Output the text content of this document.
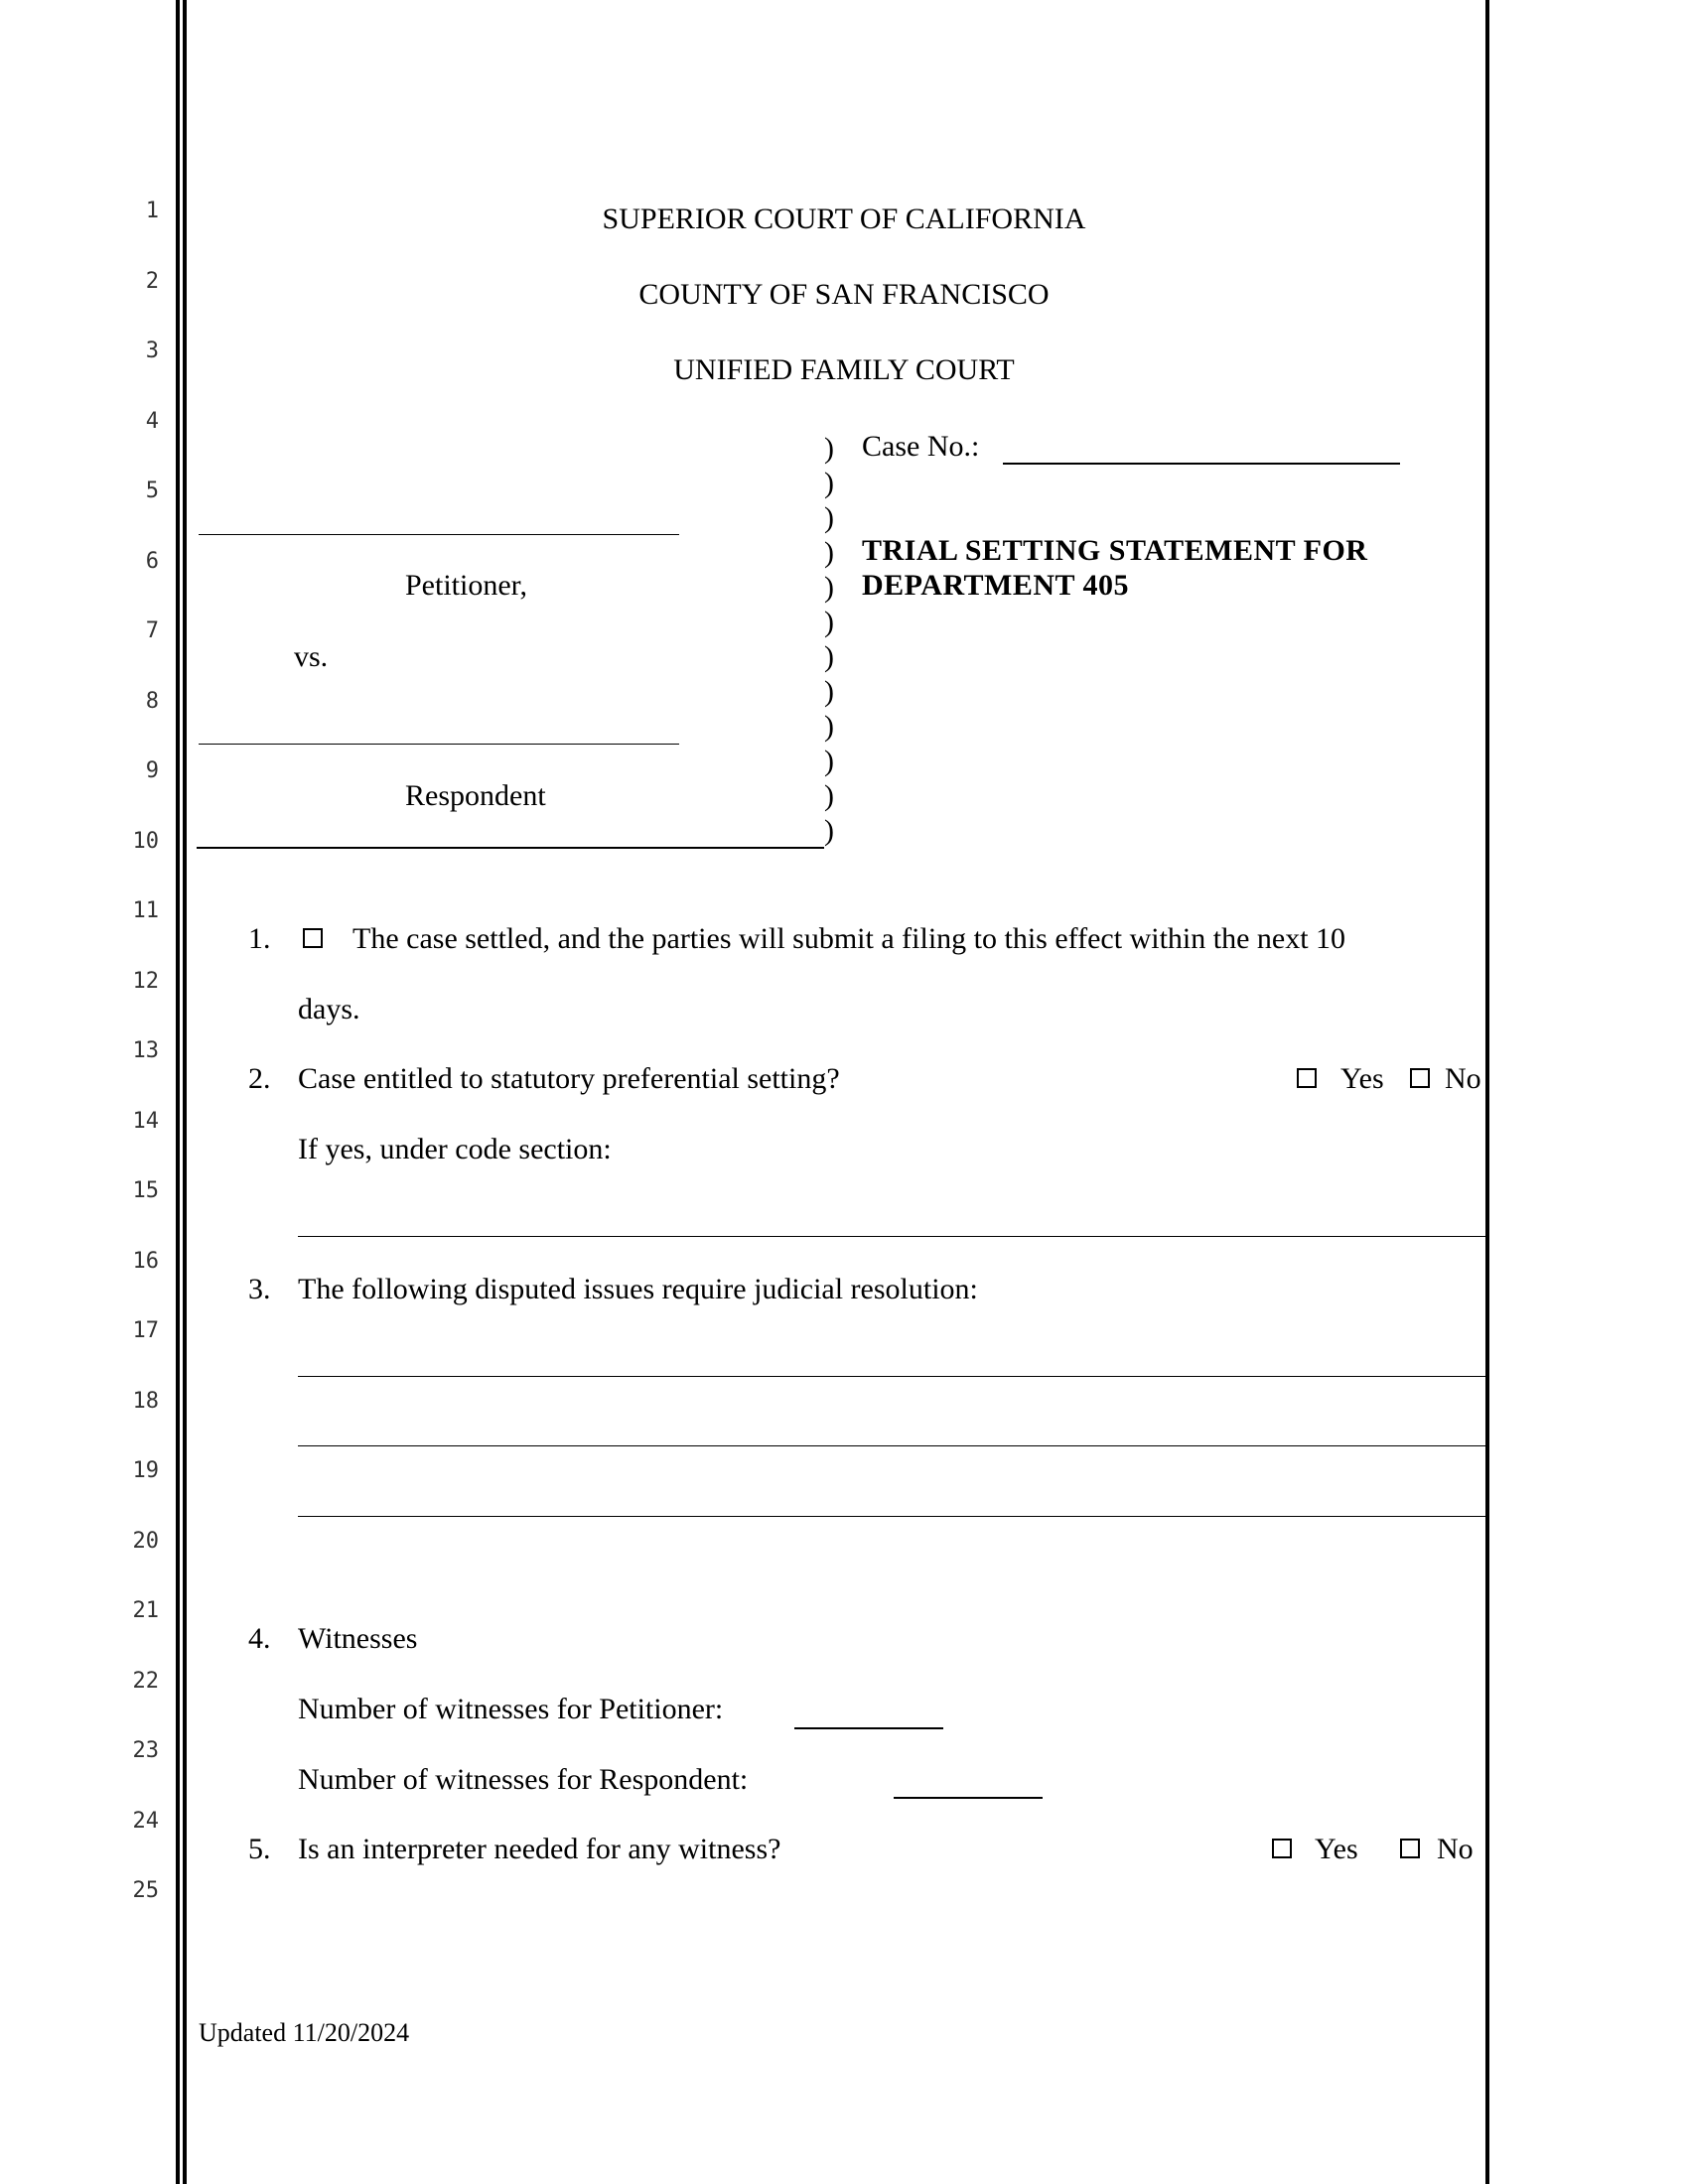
1
2
3
4
5
6
7
8
9
10
11
12
13
14
15
16
17
18
19
20
21
22
23
24
25
SUPERIOR COURT OF CALIFORNIA
COUNTY OF SAN FRANCISCO
UNIFIED FAMILY COURT
Petitioner,
vs.
Respondent
)
)
)
)
)
)
)
)
)
)
)
)
Case No.:
TRIAL SETTING STATEMENT FOR
DEPARTMENT 405
1.	The case settled, and the parties will submit a filing to this effect within the next 10
days.
2. Case entitled to statutory preferential setting?	Yes No
If yes, under code section:
3. The following disputed issues require judicial resolution:
4. Witnesses
Number of witnesses for Petitioner:
Number of witnesses for Respondent:
5. Is an interpreter needed for any witness?	Yes	No
Updated 11/20/2024
